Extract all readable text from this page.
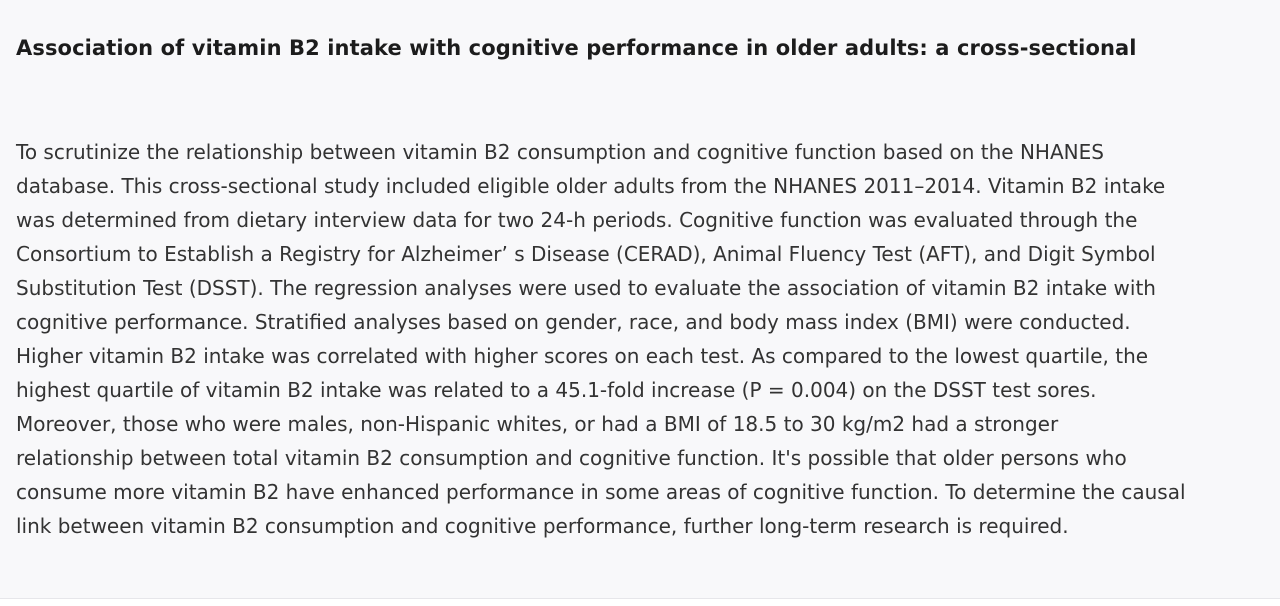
Association of vitamin B2 intake with cognitive performance in older adults: a cross-sectional
To scrutinize the relationship between vitamin B2 consumption and cognitive function based on the NHANES
database. This cross-sectional study included eligible older adults from the NHANES 2011–2014. Vitamin B2 intake
was determined from dietary interview data for two 24-h periods. Cognitive function was evaluated through the
Consortium to Establish a Registry for Alzheimer’ s Disease (CERAD), Animal Fluency Test (AFT), and Digit Symbol
Substitution Test (DSST). The regression analyses were used to evaluate the association of vitamin B2 intake with
cognitive performance. Stratified analyses based on gender, race, and body mass index (BMI) were conducted.
Higher vitamin B2 intake was correlated with higher scores on each test. As compared to the lowest quartile, the
highest quartile of vitamin B2 intake was related to a 45.1-fold increase (P = 0.004) on the DSST test sores.
Moreover, those who were males, non-Hispanic whites, or had a BMI of 18.5 to 30 kg/m2 had a stronger
relationship between total vitamin B2 consumption and cognitive function. It's possible that older persons who
consume more vitamin B2 have enhanced performance in some areas of cognitive function. To determine the causal
link between vitamin B2 consumption and cognitive performance, further long-term research is required.
